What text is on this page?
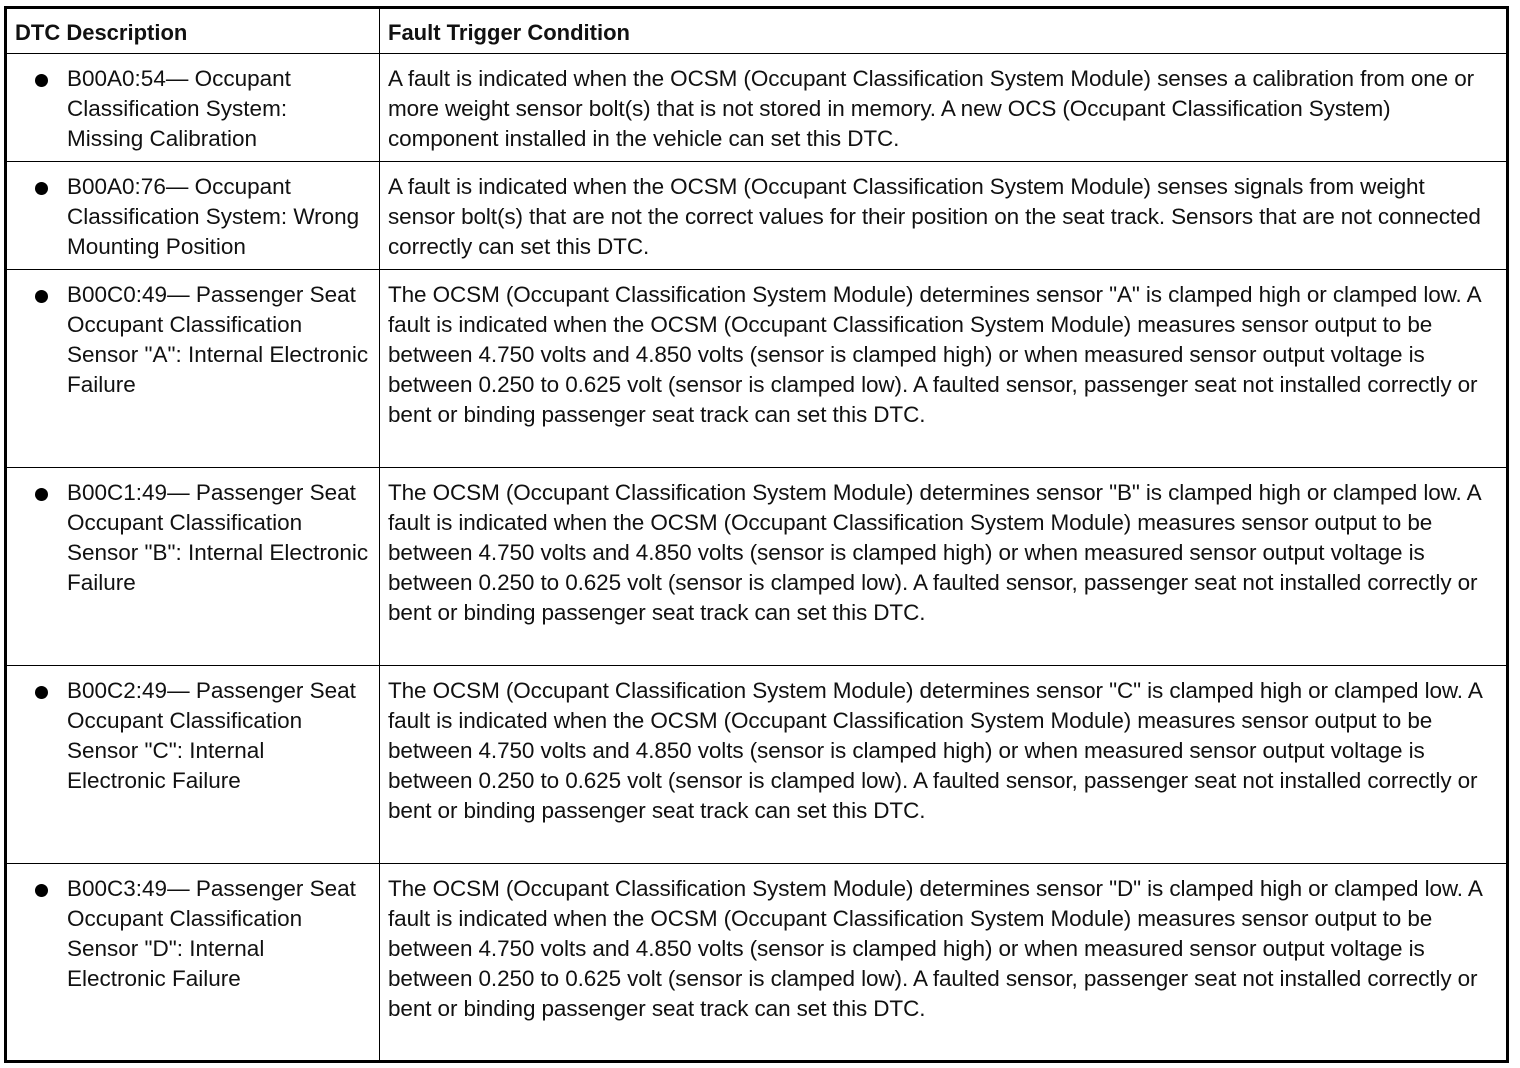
DTC Description	Fault Trigger Condition

B00A0:54— Occupant Classification System: Missing Calibration	A fault is indicated when the OCSM (Occupant Classification System Module) senses a calibration from one or more weight sensor bolt(s) that is not stored in memory. A new OCS (Occupant Classification System) component installed in the vehicle can set this DTC.

B00A0:76— Occupant Classification System: Wrong Mounting Position	A fault is indicated when the OCSM (Occupant Classification System Module) senses signals from weight sensor bolt(s) that are not the correct values for their position on the seat track. Sensors that are not connected correctly can set this DTC.

B00C0:49— Passenger Seat Occupant Classification Sensor "A": Internal Electronic Failure	The OCSM (Occupant Classification System Module) determines sensor "A" is clamped high or clamped low. A fault is indicated when the OCSM (Occupant Classification System Module) measures sensor output to be between 4.750 volts and 4.850 volts (sensor is clamped high) or when measured sensor output voltage is between 0.250 to 0.625 volt (sensor is clamped low). A faulted sensor, passenger seat not installed correctly or bent or binding passenger seat track can set this DTC.

B00C1:49— Passenger Seat Occupant Classification Sensor "B": Internal Electronic Failure	The OCSM (Occupant Classification System Module) determines sensor "B" is clamped high or clamped low. A fault is indicated when the OCSM (Occupant Classification System Module) measures sensor output to be between 4.750 volts and 4.850 volts (sensor is clamped high) or when measured sensor output voltage is between 0.250 to 0.625 volt (sensor is clamped low). A faulted sensor, passenger seat not installed correctly or bent or binding passenger seat track can set this DTC.

B00C2:49— Passenger Seat Occupant Classification Sensor "C": Internal Electronic Failure	The OCSM (Occupant Classification System Module) determines sensor "C" is clamped high or clamped low. A fault is indicated when the OCSM (Occupant Classification System Module) measures sensor output to be between 4.750 volts and 4.850 volts (sensor is clamped high) or when measured sensor output voltage is between 0.250 to 0.625 volt (sensor is clamped low). A faulted sensor, passenger seat not installed correctly or bent or binding passenger seat track can set this DTC.

B00C3:49— Passenger Seat Occupant Classification Sensor "D": Internal Electronic Failure	The OCSM (Occupant Classification System Module) determines sensor "D" is clamped high or clamped low. A fault is indicated when the OCSM (Occupant Classification System Module) measures sensor output to be between 4.750 volts and 4.850 volts (sensor is clamped high) or when measured sensor output voltage is between 0.250 to 0.625 volt (sensor is clamped low). A faulted sensor, passenger seat not installed correctly or bent or binding passenger seat track can set this DTC.
